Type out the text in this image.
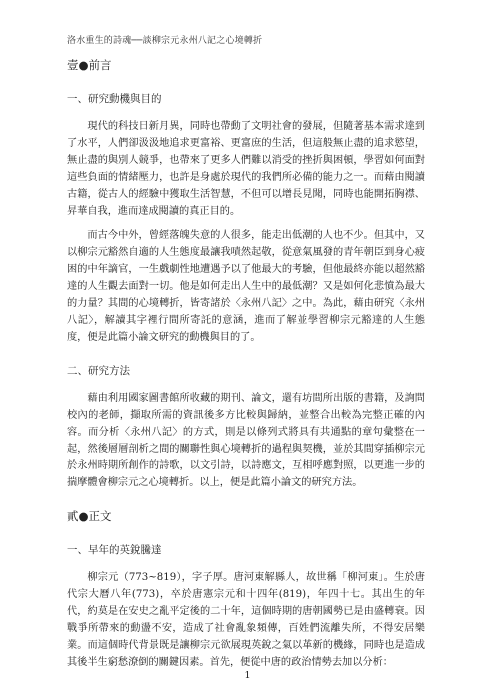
洛水重生的詩魂──談柳宗元永州八記之心境轉折
壹●前言
一、研究動機與目的

現代的科技日新月異，同時也帶動了文明社會的發展，但隨著基本需求達到了水平，人們卻汲汲地追求更富裕、更富庶的生活，但這般無止盡的追求慾望，無止盡的與別人競爭，也帶來了更多人們難以消受的挫折與困頓，學習如何面對這些負面的情緒壓力，也許是身處於現代的我們所必備的能力之一。而藉由閱讀古籍，從古人的經驗中獲取生活智慧，不但可以增長見聞，同時也能開拓胸襟、昇華自我，進而達成閱讀的真正目的。

而古今中外，曾經落魄失意的人很多，能走出低潮的人也不少。但其中，又以柳宗元豁然自適的人生態度最讓我嘖然起敬，從意氣風發的青年朝臣到身心疲困的中年謫官，一生戲劇性地遭遇予以了他最大的考驗，但他最終亦能以超然豁達的人生觀去面對一切。他是如何走出人生中的最低潮？又是如何化悲憤為最大的力量？其間的心境轉折，皆寄諸於〈永州八記〉之中。為此，藉由研究〈永州八記〉，解讀其字裡行間所寄託的意涵，進而了解並學習柳宗元豁達的人生態度，便是此篇小論文研究的動機與目的了。

二、研究方法

藉由利用國家圖書館所收藏的期刊、論文，還有坊間所出版的書籍，及詢問校內的老師，擷取所需的資訊後多方比較與歸納，並整合出較為完整正確的內容。而分析〈永州八記〉的方式，則是以條列式將具有共通點的章句彙整在一起，然後層層剖析之間的關聯性與心境轉折的過程與契機，並於其間穿插柳宗元於永州時期所創作的詩歌，以文引詩，以詩應文，互相呼應對照，以更進一步的揣摩體會柳宗元之心境轉折。以上，便是此篇小論文的研究方法。

貳●正文
一、早年的英銳騰達

柳宗元（773~819），字子厚。唐河東解縣人，故世稱「柳河東」。生於唐代宗大曆八年(773)，卒於唐憲宗元和十四年(819)，年四十七。其出生的年代，約莫是在安史之亂平定後的二十年，這個時期的唐朝國勢已是由盛轉衰。因戰爭所帶來的動盪不安，造成了社會亂象頻傳，百姓們流離失所，不得安居樂業。而這個時代背景既是讓柳宗元欲展現英銳之氣以革新的機緣，同時也是造成其後半生窮愁潦倒的關鍵因素。首先，便從中唐的政治情勢去加以分析：

1
